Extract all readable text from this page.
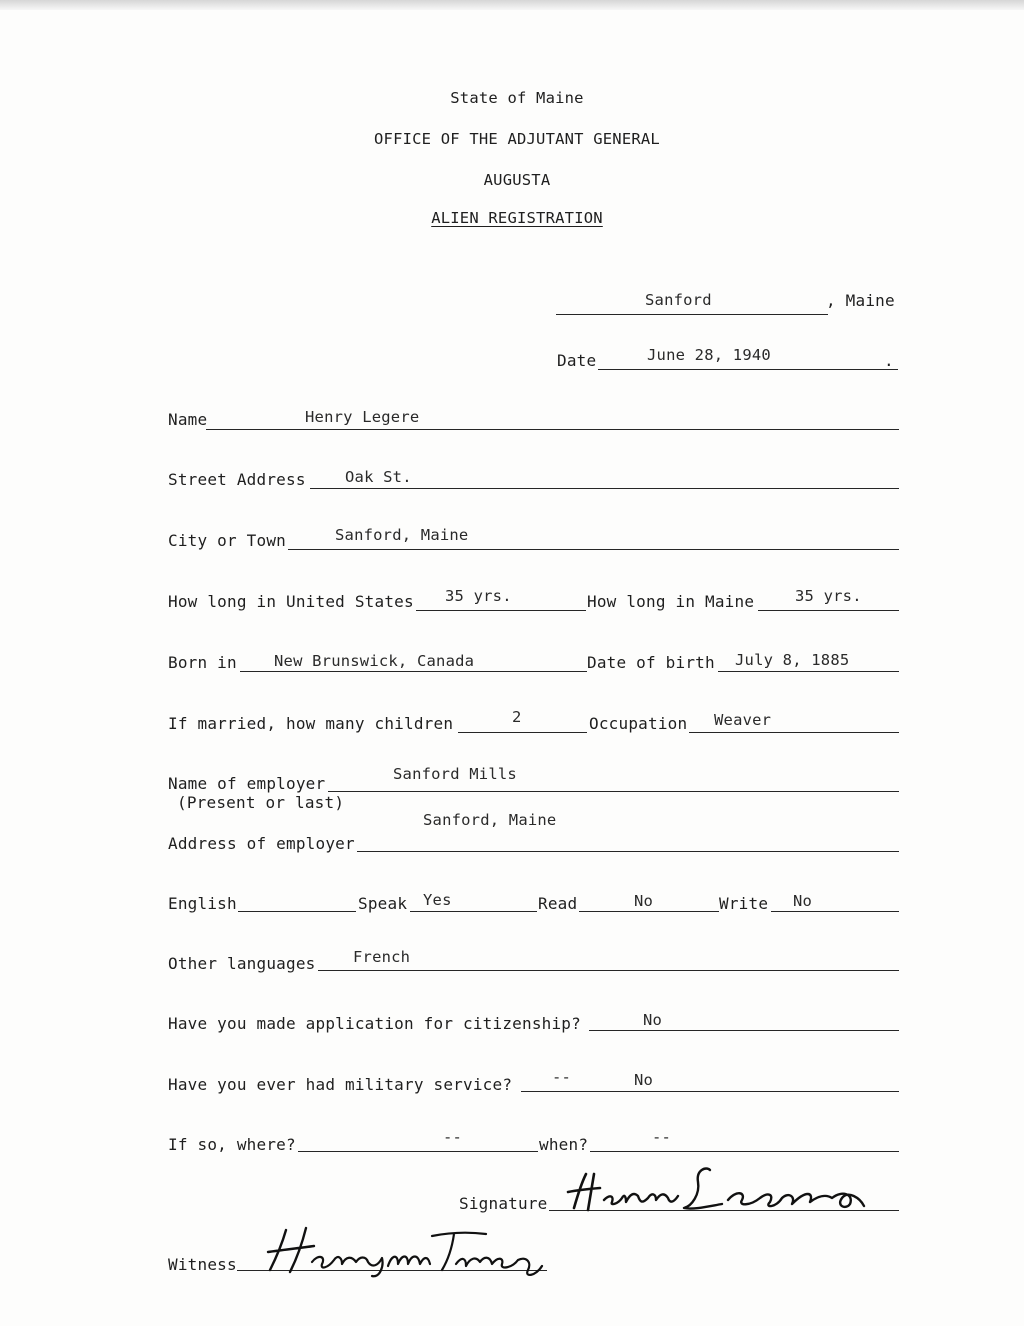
State of Maine
OFFICE OF THE ADJUTANT GENERAL
AUGUSTA
ALIEN REGISTRATION
Sanford	, Maine
Date	June 28, 1940	.
Name	Henry Legere
Street Address	Oak St.
City or Town	Sanford, Maine
How long in United States 35 yrs.	How long in Maine	35 yrs.
Born in New Brunswick, Canada	Date of birth July 8, 1885
If married, how many children	2	Occupation Weaver
Name of employer	Sanford Mills
(Present or last)
Address of employer
Sanford, Maine
English	Speak Yes	Read	No	Write No
Other languages French
Have you made application for citizenship?	No
Have you ever had military service?	--	No
If so, where?	--	when?	--
Signature
Witness
